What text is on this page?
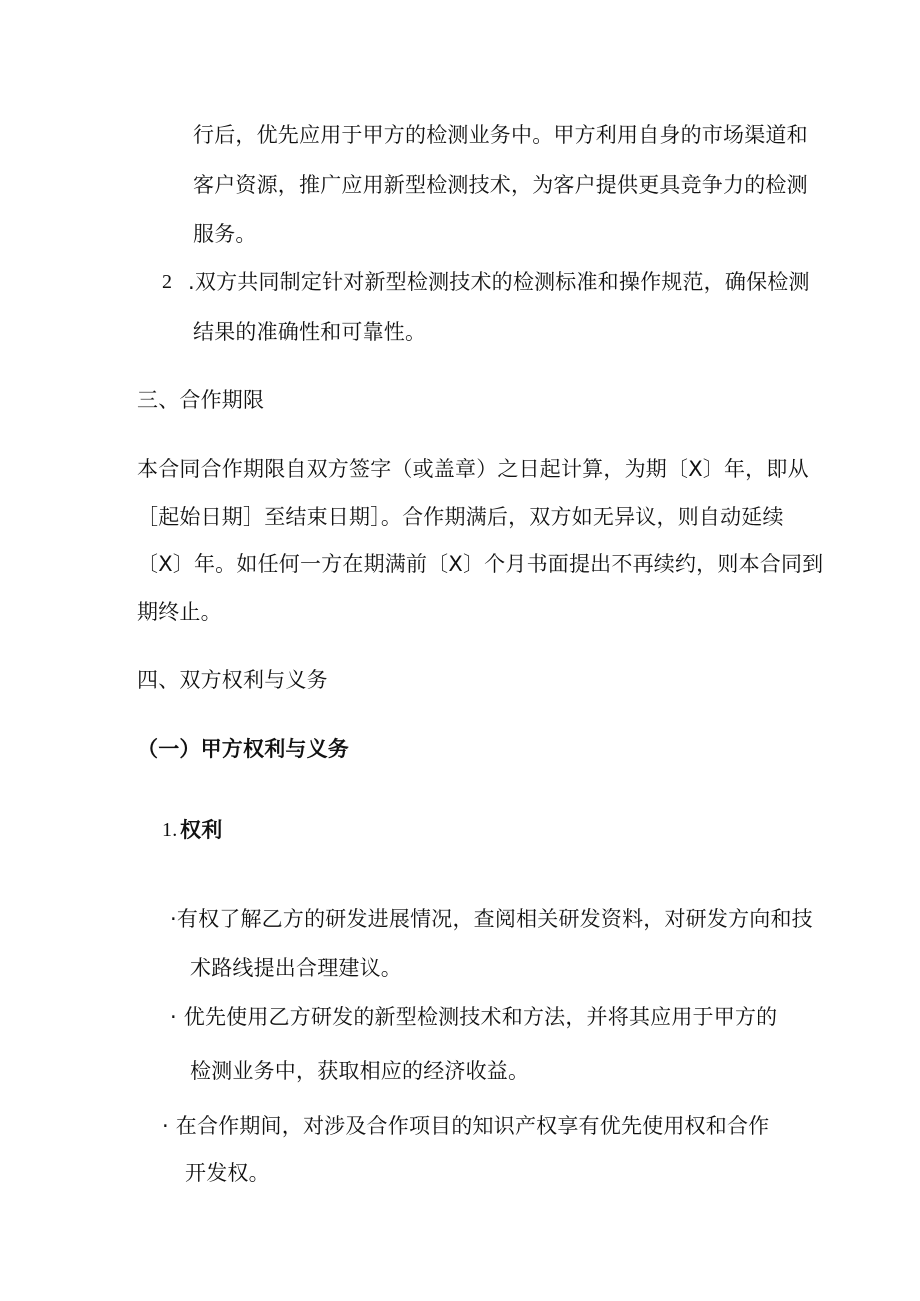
行后，优先应用于甲方的检测业务中。甲方利用自身的市场渠道和
客户资源，推广应用新型检测技术，为客户提供更具竞争力的检测
服务。
2 .双方共同制定针对新型检测技术的检测标准和操作规范，确保检测
结果的准确性和可靠性。
三、合作期限
本合同合作期限自双方签字（或盖章）之日起计算，为期〔X〕年，即从
［起始日期］至结束日期］。合作期满后，双方如无异议，则自动延续
〔X〕年。如任何一方在期满前〔X〕个月书面提出不再续约，则本合同到
期终止。
四、双方权利与义务
（一）甲方权利与义务
1. 权利
·有权了解乙方的研发进展情况，查阅相关研发资料，对研发方向和技
术路线提出合理建议。
· 优先使用乙方研发的新型检测技术和方法，并将其应用于甲方的
检测业务中，获取相应的经济收益。
· 在合作期间，对涉及合作项目的知识产权享有优先使用权和合作
开发权。
